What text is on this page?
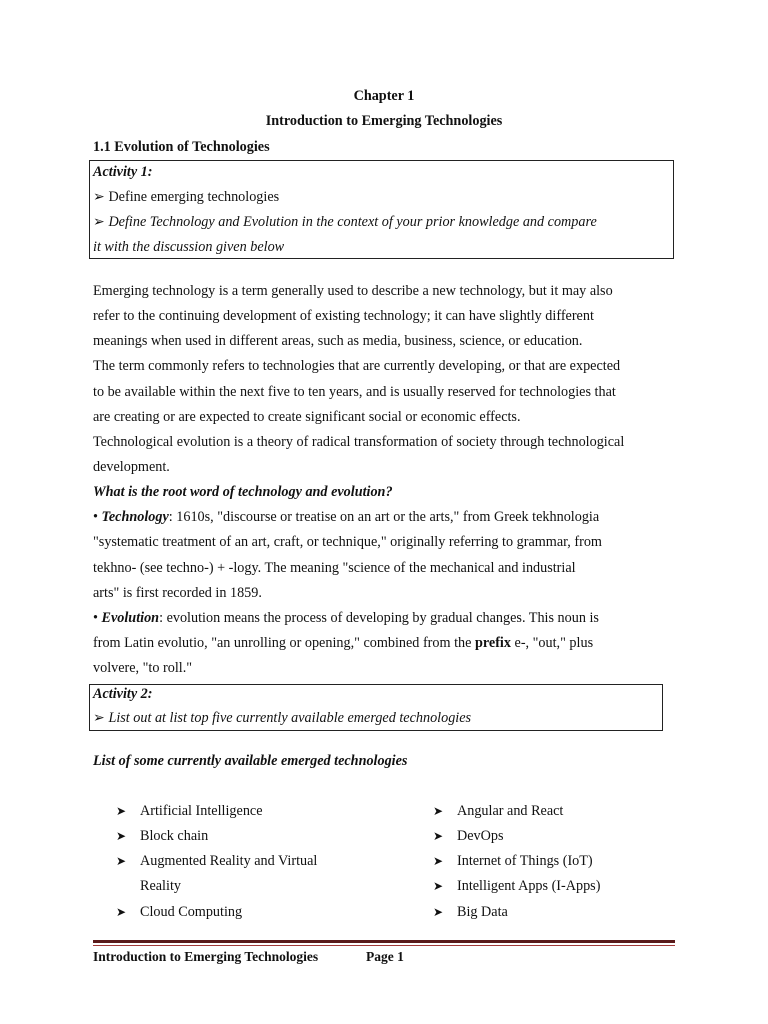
Chapter 1
Introduction to Emerging Technologies
1.1 Evolution of Technologies
Activity 1:
➢ Define emerging technologies
➢ Define Technology and Evolution in the context of your prior knowledge and compare
it with the discussion given below
Emerging technology is a term generally used to describe a new technology, but it may also
refer to the continuing development of existing technology; it can have slightly different
meanings when used in different areas, such as media, business, science, or education.
The term commonly refers to technologies that are currently developing, or that are expected
to be available within the next five to ten years, and is usually reserved for technologies that
are creating or are expected to create significant social or economic effects.
Technological evolution is a theory of radical transformation of society through technological
development.
What is the root word of technology and evolution?
• Technology: 1610s, "discourse or treatise on an art or the arts," from Greek tekhnologia
"systematic treatment of an art, craft, or technique," originally referring to grammar, from
tekhno- (see techno-) + -logy. The meaning "science of the mechanical and industrial
arts" is first recorded in 1859.
• Evolution: evolution means the process of developing by gradual changes. This noun is
from Latin evolutio, "an unrolling or opening," combined from the prefix e-, "out," plus
volvere, "to roll."
Activity 2:
➢ List out at list top five currently available emerged technologies
List of some currently available emerged technologies
➤ Artificial Intelligence
➤ Block chain
➤ Augmented Reality and Virtual
Reality
➤ Cloud Computing
➤ Angular and React
➤ DevOps
➤ Internet of Things (IoT)
➤ Intelligent Apps (I-Apps)
➤ Big Data
Introduction to Emerging Technologies	Page 1
